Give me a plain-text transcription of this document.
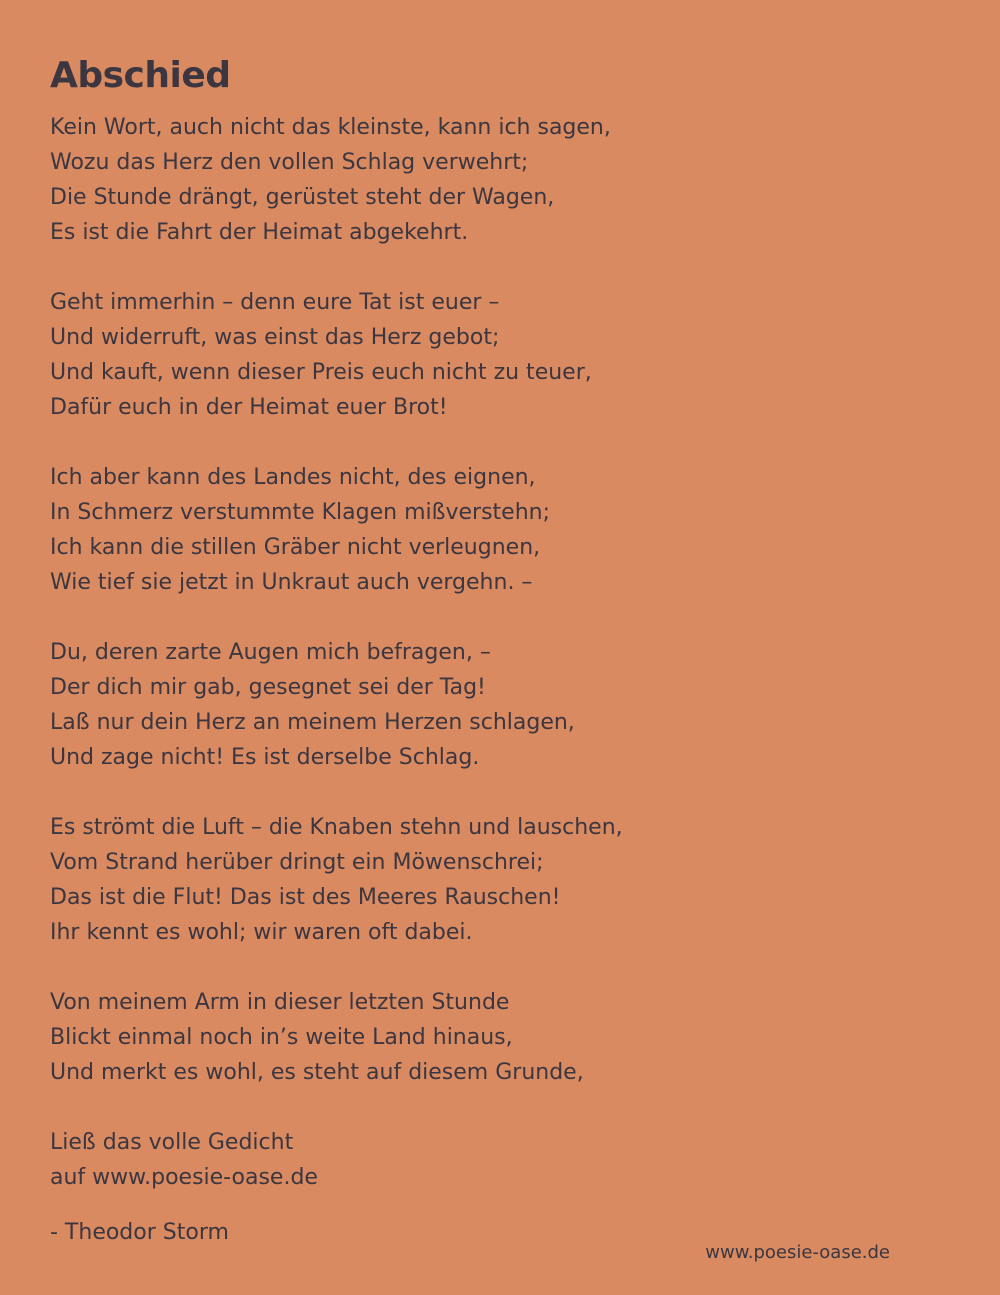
Abschied
Kein Wort, auch nicht das kleinste, kann ich sagen,
Wozu das Herz den vollen Schlag verwehrt;
Die Stunde drängt, gerüstet steht der Wagen,
Es ist die Fahrt der Heimat abgekehrt.
Geht immerhin – denn eure Tat ist euer –
Und widerruft, was einst das Herz gebot;
Und kauft, wenn dieser Preis euch nicht zu teuer,
Dafür euch in der Heimat euer Brot!
Ich aber kann des Landes nicht, des eignen,
In Schmerz verstummte Klagen mißverstehn;
Ich kann die stillen Gräber nicht verleugnen,
Wie tief sie jetzt in Unkraut auch vergehn. –
Du, deren zarte Augen mich befragen, –
Der dich mir gab, gesegnet sei der Tag!
Laß nur dein Herz an meinem Herzen schlagen,
Und zage nicht! Es ist derselbe Schlag.
Es strömt die Luft – die Knaben stehn und lauschen,
Vom Strand herüber dringt ein Möwenschrei;
Das ist die Flut! Das ist des Meeres Rauschen!
Ihr kennt es wohl; wir waren oft dabei.
Von meinem Arm in dieser letzten Stunde
Blickt einmal noch in’s weite Land hinaus,
Und merkt es wohl, es steht auf diesem Grunde,
Ließ das volle Gedicht
auf www.poesie-oase.de
- Theodor Storm
www.poesie-oase.de
